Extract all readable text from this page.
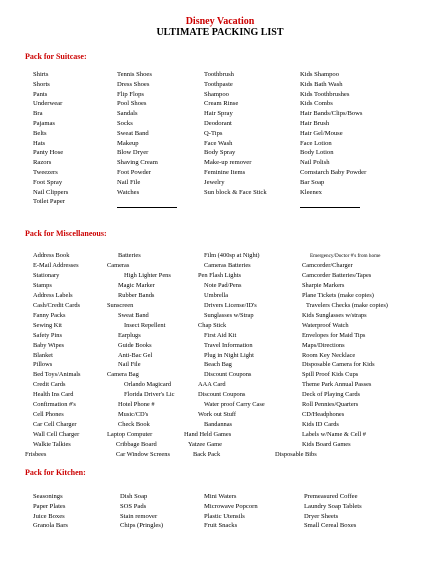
Disney Vacation
ULTIMATE PACKING LIST
Pack for Suitcase:
Shirts
Shorts
Pants
Underwear
Bra
Pajamas
Belts
Hats
Panty Hose
Razors
Tweezers
Foot Spray
Nail Clippers
Toilet Paper
Tennis Shoes
Dress Shoes
Flip Flops
Pool Shoes
Sandals
Socks
Sweat Band
Makeup
Blow Dryer
Shaving Cream
Foot Powder
Nail File
Watches
Toothbrush
Toothpaste
Shampoo
Cream Rinse
Hair Spray
Deodorant
Q-Tips
Face Wash
Body Spray
Make-up remover
Feminine Items
Jewelry
Sun block & Face Stick
Kids Shampoo
Kids Bath Wash
Kids Toothbrushes
Kids Combs
Hair Bands/Clips/Bows
Hair Brush
Hair Gel/Mouse
Face Lotion
Body Lotion
Nail Polish
Cornstarch Baby Powder
Bar Soap
Kleenex
Pack for Miscellaneous:
Address Book
E-Mail Addresses
Stationary
Stamps
Address Labels
Cash/Credit Cards
Fanny Packs
Sewing Kit
Safety Pins
Baby Wipes
Blanket
Pillows
Bed Toys/Animals
Credit Cards
Health Ins Card
Confirmation #'s
Cell Phones
Car Cell Charger
Wall Cell Charger
Walkie Talkies
Frisbees
Batteries
Cameras
High Lighter Pens
Magic Marker
Rubber Bands
Sunscreen
Sweat Band
Insect Repellent
Earplugs
Guide Books
Anti-Bac Gel
Nail File
Camera Bag
Orlando Magicard
Florida Driver's Lic
Hotel Phone #
Music/CD's
Check Book
Laptop Computer
Cribbage Board
Car Window Screens
Film (400sp at Night)
Cameras Batteries
Pen Flash Lights
Note Pad/Pens
Umbrella
Drivers License/ID's
Sunglasses w/Strap
Chap Stick
First Aid Kit
Travel Information
Plug in Night Light
Beach Bag
Discount Coupons
AAA Card
Discount Coupons
Water proof Carry Case
Work out Stuff
Bandannas
Hand Held Games
Yatzee Game
Back Pack
Emergency/Doctor #'s from home
Camcorder/Charger
Camcorder Batteries/Tapes
Sharpie Markers
Plane Tickets (make copies)
Travelers Checks (make copies)
Kids Sunglasses w/straps
Waterproof Watch
Envelopes for Maid Tips
Maps/Directions
Room Key Necklace
Disposable Camera for Kids
Spill Proof Kids Cups
Theme Park Annual Passes
Deck of Playing Cards
Roll Pennies/Quarters
CD/Headphones
Kids ID Cards
Labels w/Name & Cell #
Kids Board Games
Disposable Bibs
Pack for Kitchen:
Seasonings
Paper Plates
Juice Boxes
Granola Bars
Dish Soap
SOS Pads
Stain remover
Chips (Pringles)
Mini Waters
Microwave Popcorn
Plastic Utensils
Fruit Snacks
Premeasured Coffee
Laundry Soap Tablets
Dryer Sheets
Small Cereal Boxes
